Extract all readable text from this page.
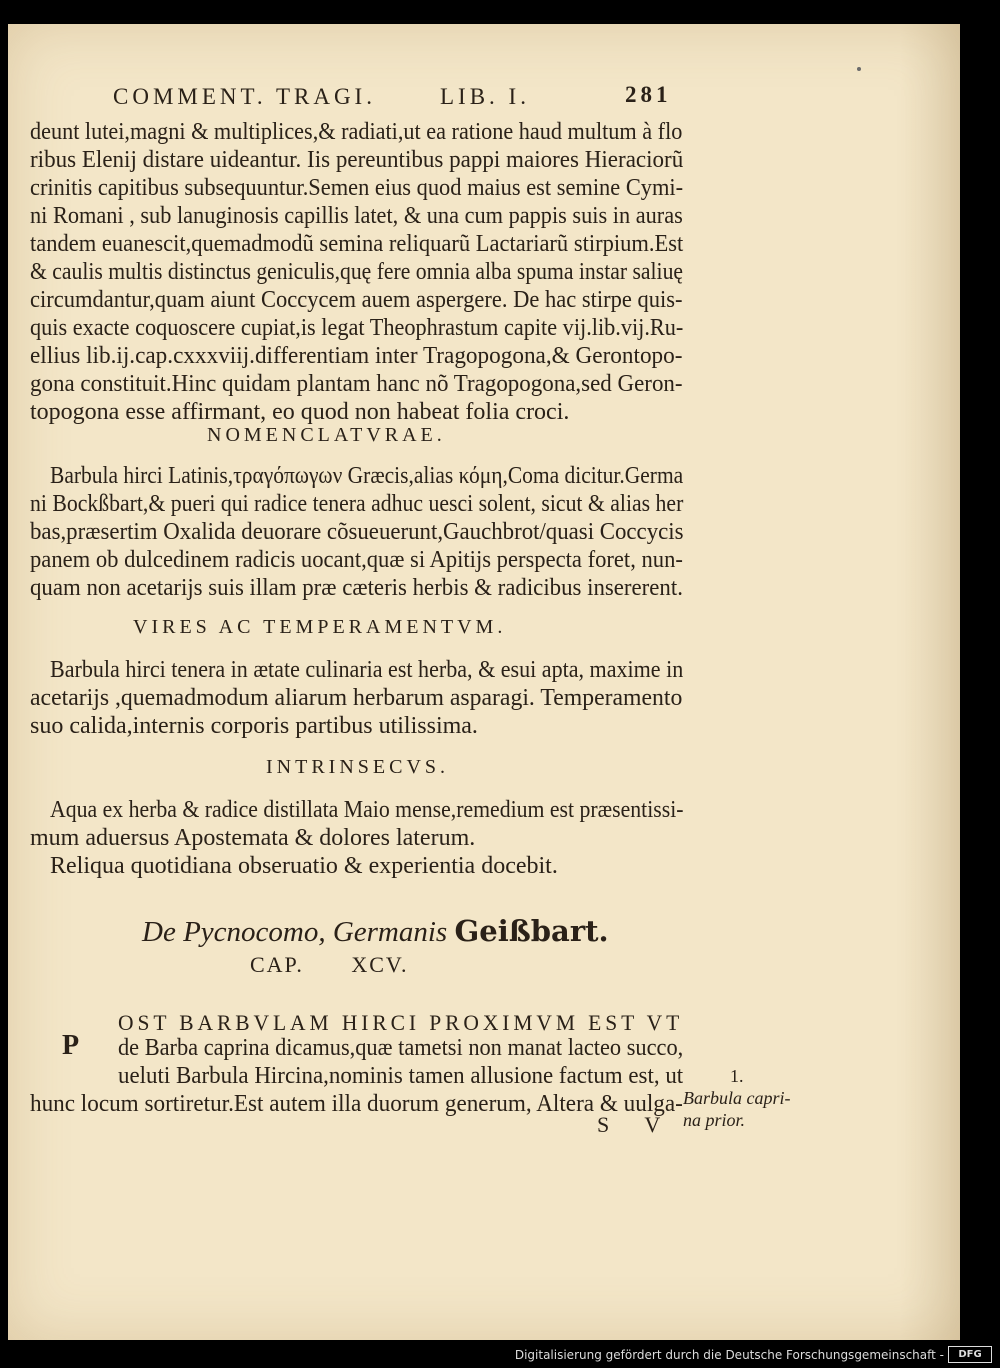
COMMENT. TRAGI.	LIB. I.	281
deunt lutei,magni & multiplices,& radiati,ut ea ratione haud multum à flo
ribus Elenij distare uideantur. Iis pereuntibus pappi maiores Hieraciorũ
crinitis capitibus subsequuntur.Semen eius quod maius est semine Cymi-
ni Romani , sub lanuginosis capillis latet, & una cum pappis suis in auras
tandem euanescit,quemadmodũ semina reliquarũ Lactariarũ stirpium.Est
& caulis multis distinctus geniculis,quę fere omnia alba spuma instar saliuę
circumdantur,quam aiunt Coccycem auem aspergere. De hac stirpe quis-
quis exacte coquoscere cupiat,is legat Theophrastum capite vij.lib.vij.Ru-
ellius lib.ij.cap.cxxxviij.differentiam inter Tragopogona,& Gerontopo-
gona constituit.Hinc quidam plantam hanc nõ Tragopogona,sed Geron-
topogona esse affirmant, eo quod non habeat folia croci.
NOMENCLATVRAE.
Barbula hirci Latinis,τραγόπωγων Græcis,alias κόμη,Coma dicitur.Germa
ni Bockßbart,& pueri qui radice tenera adhuc uesci solent, sicut & alias her
bas,præsertim Oxalida deuorare cõsueuerunt,Gauchbrot/quasi Coccycis
panem ob dulcedinem radicis uocant,quæ si Apitijs perspecta foret, nun-
quam non acetarijs suis illam præ cæteris herbis & radicibus insererent.
VIRES AC TEMPERAMENTVM.
Barbula hirci tenera in ætate culinaria est herba, & esui apta, maxime in
acetarijs ,quemadmodum aliarum herbarum asparagi. Temperamento
suo calida,internis corporis partibus utilissima.
INTRINSECVS.
Aqua ex herba & radice distillata Maio mense,remedium est præsentissi-
mum aduersus Apostemata & dolores laterum.
Reliqua quotidiana obseruatio & experientia docebit.
De Pycnocomo, Germanis Geißbart.
CAP. XCV.
OST BARBVLAM HIRCI PROXIMVM EST VT
P de Barba caprina dicamus,quæ tametsi non manat lacteo succo,
ueluti Barbula Hircina,nominis tamen allusione factum est, ut
hunc locum sortiretur.Est autem illa duorum generum, Altera & uulga-
S V
1.
Barbula capri-
na prior.
Digitalisierung gefördert durch die Deutsche Forschungsgemeinschaft -	DFG
